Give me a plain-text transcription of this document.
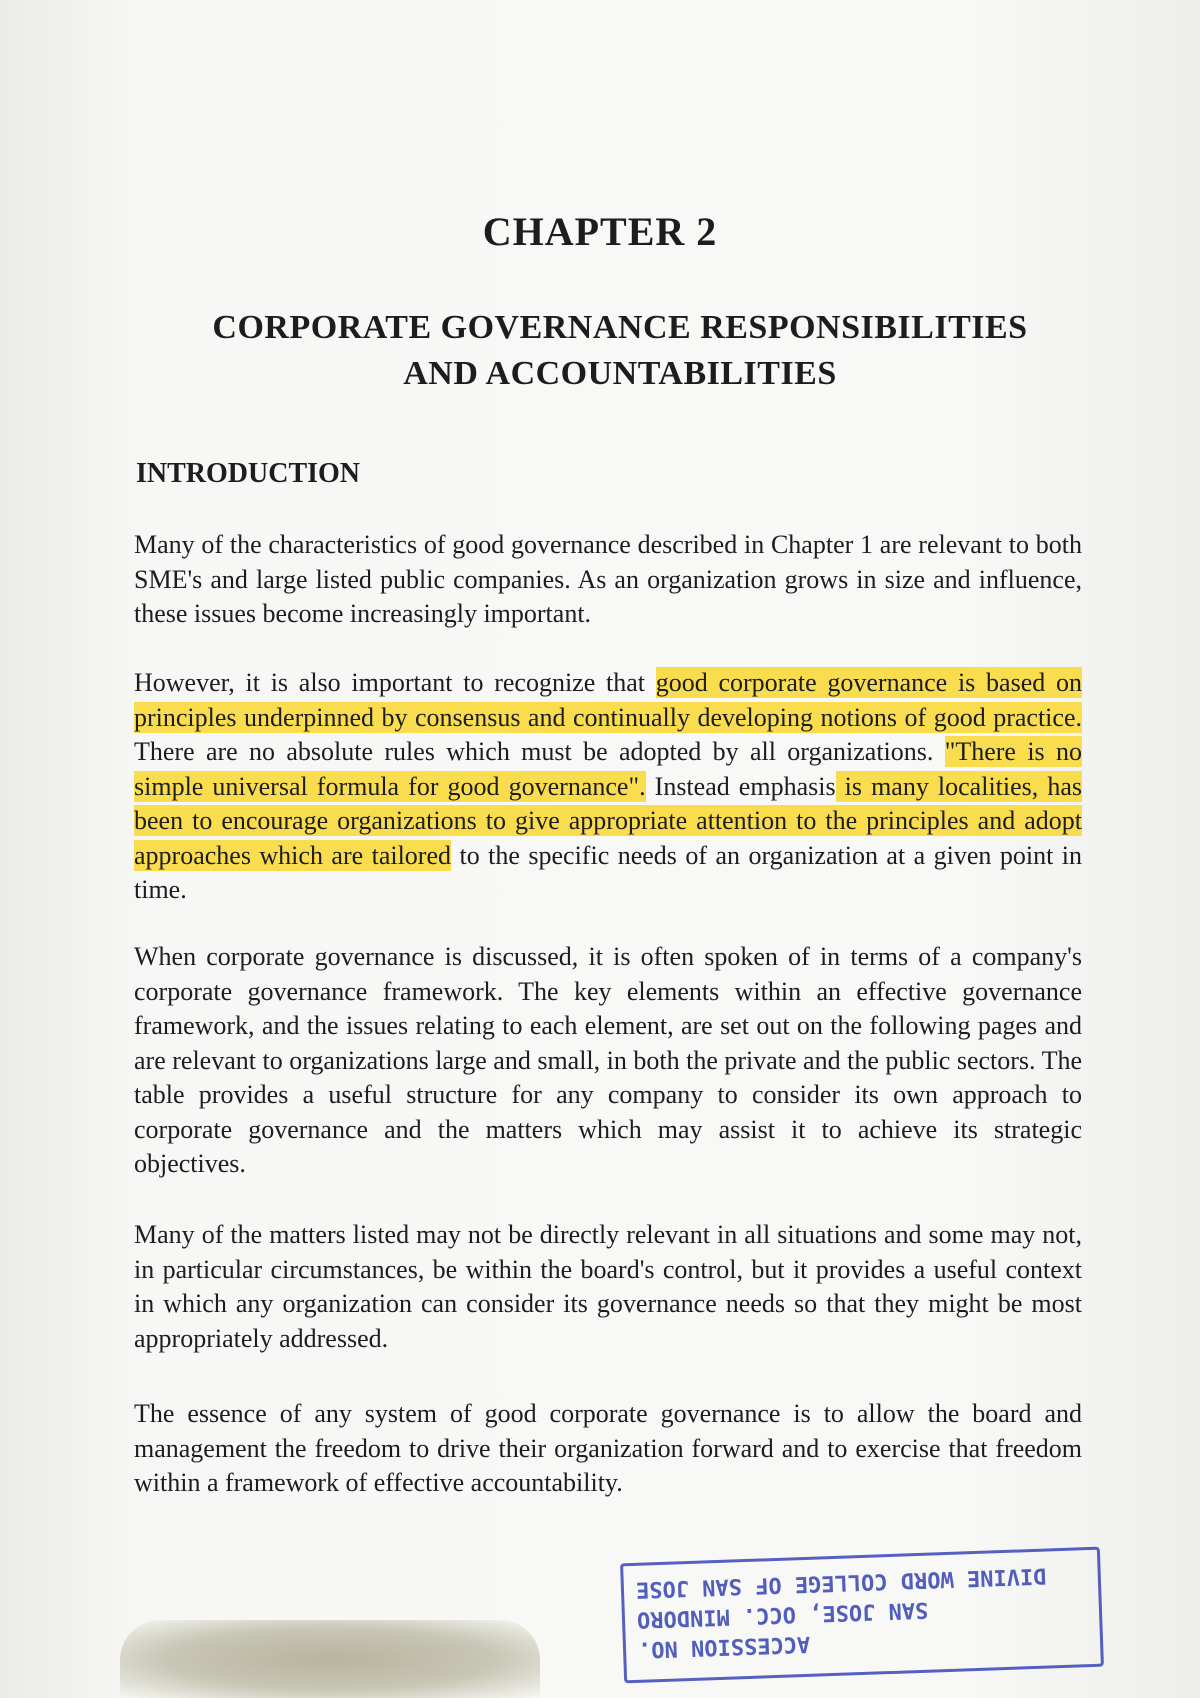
CHAPTER 2
CORPORATE GOVERNANCE RESPONSIBILITIES
AND ACCOUNTABILITIES
INTRODUCTION

Many of the characteristics of good governance described in Chapter 1 are relevant to both SME's and large listed public companies. As an organization grows in size and influence, these issues become increasingly important.

However, it is also important to recognize that good corporate governance is based on principles underpinned by consensus and continually developing notions of good practice. There are no absolute rules which must be adopted by all organizations. "There is no simple universal formula for good governance". Instead emphasis is many localities, has been to encourage organizations to give appropriate attention to the principles and adopt approaches which are tailored to the specific needs of an organization at a given point in time.

When corporate governance is discussed, it is often spoken of in terms of a company's corporate governance framework. The key elements within an effective governance framework, and the issues relating to each element, are set out on the following pages and are relevant to organizations large and small, in both the private and the public sectors. The table provides a useful structure for any company to consider its own approach to corporate governance and the matters which may assist it to achieve its strategic objectives.

Many of the matters listed may not be directly relevant in all situations and some may not, in particular circumstances, be within the board's control, but it provides a useful context in which any organization can consider its governance needs so that they might be most appropriately addressed.

The essence of any system of good corporate governance is to allow the board and management the freedom to drive their organization forward and to exercise that freedom within a framework of effective accountability.

ACCESSION NO.
SAN JOSE, OCC. MINDORO
DIVINE WORD COLLEGE OF SAN JOSE
